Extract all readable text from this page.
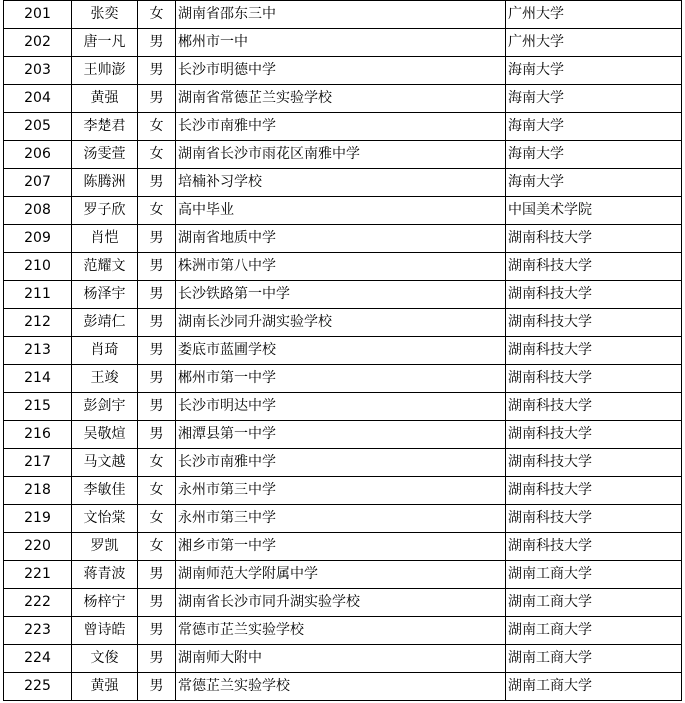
201	张奕	女	湖南省邵东三中	广州大学
202	唐一凡	男	郴州市一中	广州大学
203	王帅澎	男	长沙市明德中学	海南大学
204	黄强	男	湖南省常德芷兰实验学校	海南大学
205	李楚君	女	长沙市南雅中学	海南大学
206	汤雯萱	女	湖南省长沙市雨花区南雅中学	海南大学
207	陈腾洲	男	培楠补习学校	海南大学
208	罗子欣	女	高中毕业	中国美术学院
209	肖恺	男	湖南省地质中学	湖南科技大学
210	范耀文	男	株洲市第八中学	湖南科技大学
211	杨泽宇	男	长沙铁路第一中学	湖南科技大学
212	彭靖仁	男	湖南长沙同升湖实验学校	湖南科技大学
213	肖琦	男	娄底市蓝圃学校	湖南科技大学
214	王竣	男	郴州市第一中学	湖南科技大学
215	彭剑宇	男	长沙市明达中学	湖南科技大学
216	吴敬煊	男	湘潭县第一中学	湖南科技大学
217	马文越	女	长沙市南雅中学	湖南科技大学
218	李敏佳	女	永州市第三中学	湖南科技大学
219	文怡棠	女	永州市第三中学	湖南科技大学
220	罗凯	女	湘乡市第一中学	湖南科技大学
221	蒋青波	男	湖南师范大学附属中学	湖南工商大学
222	杨梓宁	男	湖南省长沙市同升湖实验学校	湖南工商大学
223	曾诗皓	男	常德市芷兰实验学校	湖南工商大学
224	文俊	男	湖南师大附中	湖南工商大学
225	黄强	男	常德芷兰实验学校	湖南工商大学
